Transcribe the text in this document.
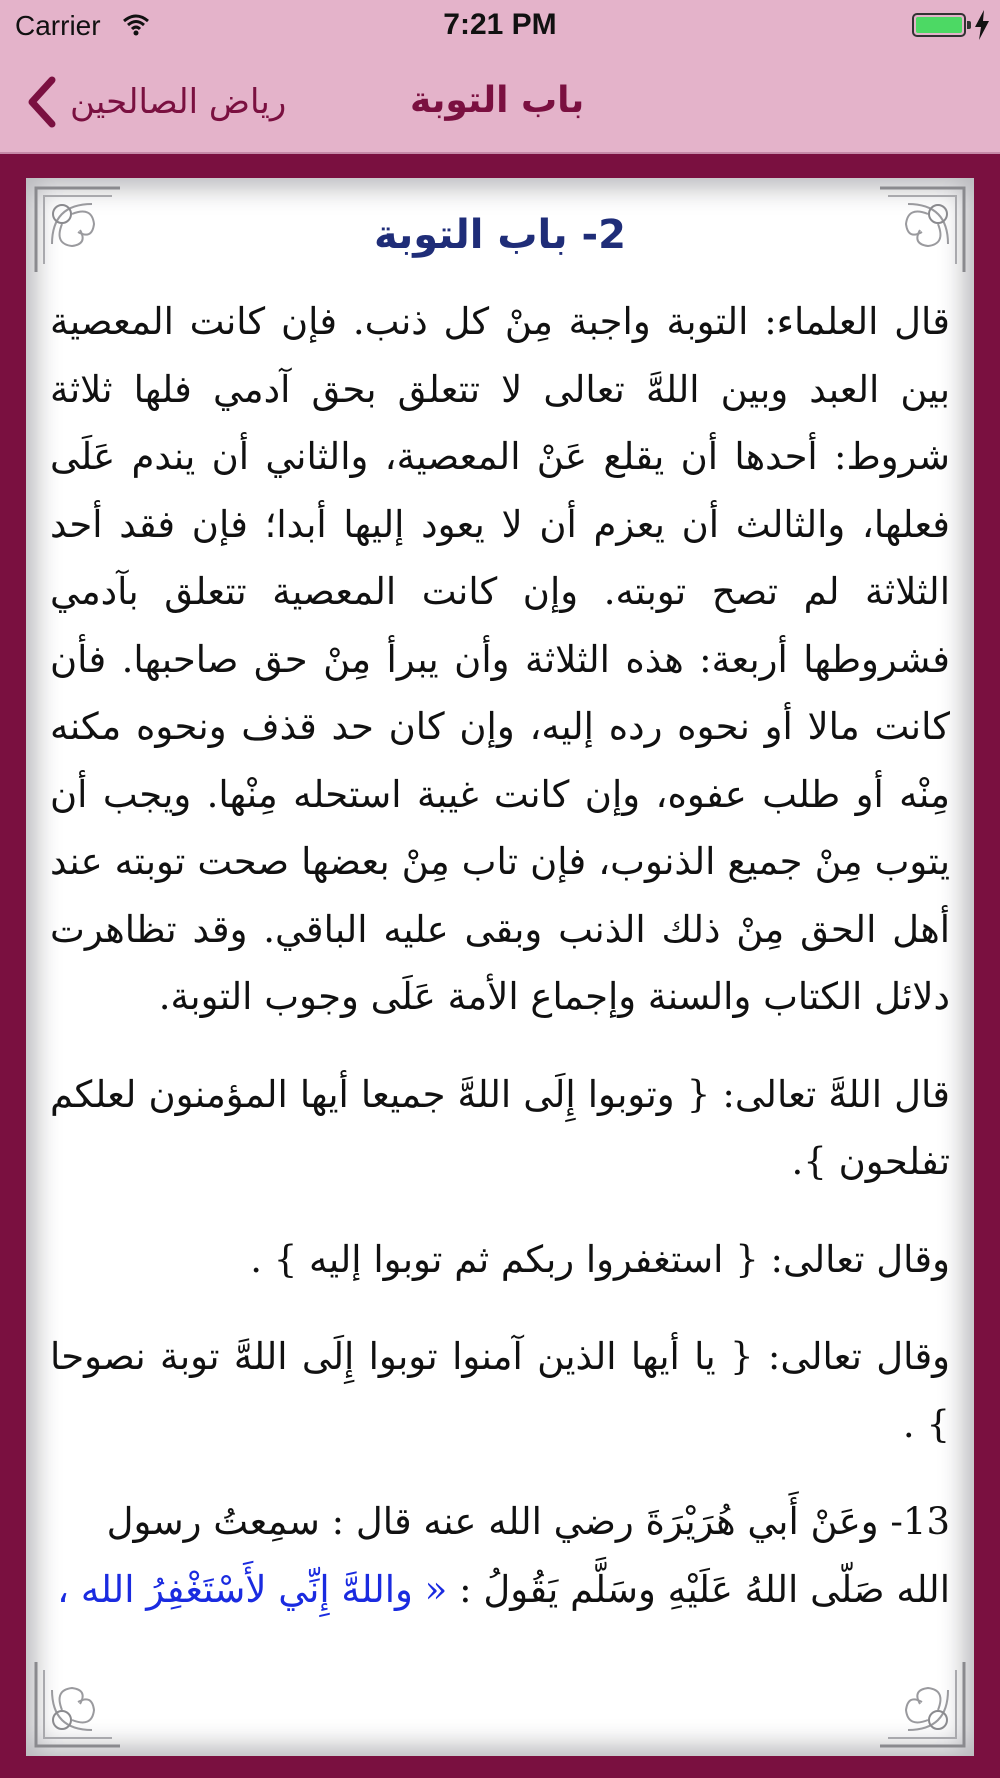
Carrier	7:21 PM
رياض الصالحين	باب التوبة
2- باب التوبة

قال العلماء: التوبة واجبة مِنْ كل ذنب. فإن كانت المعصية بين العبد وبين اللهَّ تعالى لا تتعلق بحق آدمي فلها ثلاثة شروط: أحدها أن يقلع عَنْ المعصية، والثاني أن يندم عَلَى فعلها، والثالث أن يعزم أن لا يعود إليها أبدا؛ فإن فقد أحد الثلاثة لم تصح توبته. وإن كانت المعصية تتعلق بآدمي فشروطها أربعة: هذه الثلاثة وأن يبرأ مِنْ حق صاحبها. فأن كانت مالا أو نحوه رده إليه، وإن كان حد قذف ونحوه مكنه مِنْه أو طلب عفوه، وإن كانت غيبة استحله مِنْها. ويجب أن يتوب مِنْ جميع الذنوب، فإن تاب مِنْ بعضها صحت توبته عند أهل الحق مِنْ ذلك الذنب وبقى عليه الباقي. وقد تظاهرت دلائل الكتاب والسنة وإجماع الأمة عَلَى وجوب التوبة.

قال اللهَّ تعالى: { وتوبوا إِلَى اللهَّ جميعا أيها المؤمنون لعلكم تفلحون }.

وقال تعالى: { استغفروا ربكم ثم توبوا إليه } .

وقال تعالى: { يا أيها الذين آمنوا توبوا إِلَى اللهَّ توبة نصوحا } .

13- وعَنْ أَبي هُرَيْرَةَ رضي الله عنه قال : سمِعتُ رسول الله صَلّى اللهُ عَلَيْهِ وسَلَّم يَقُولُ : « واللهَّ إِنِّي لأَسْتَغْفِرُ الله ،
